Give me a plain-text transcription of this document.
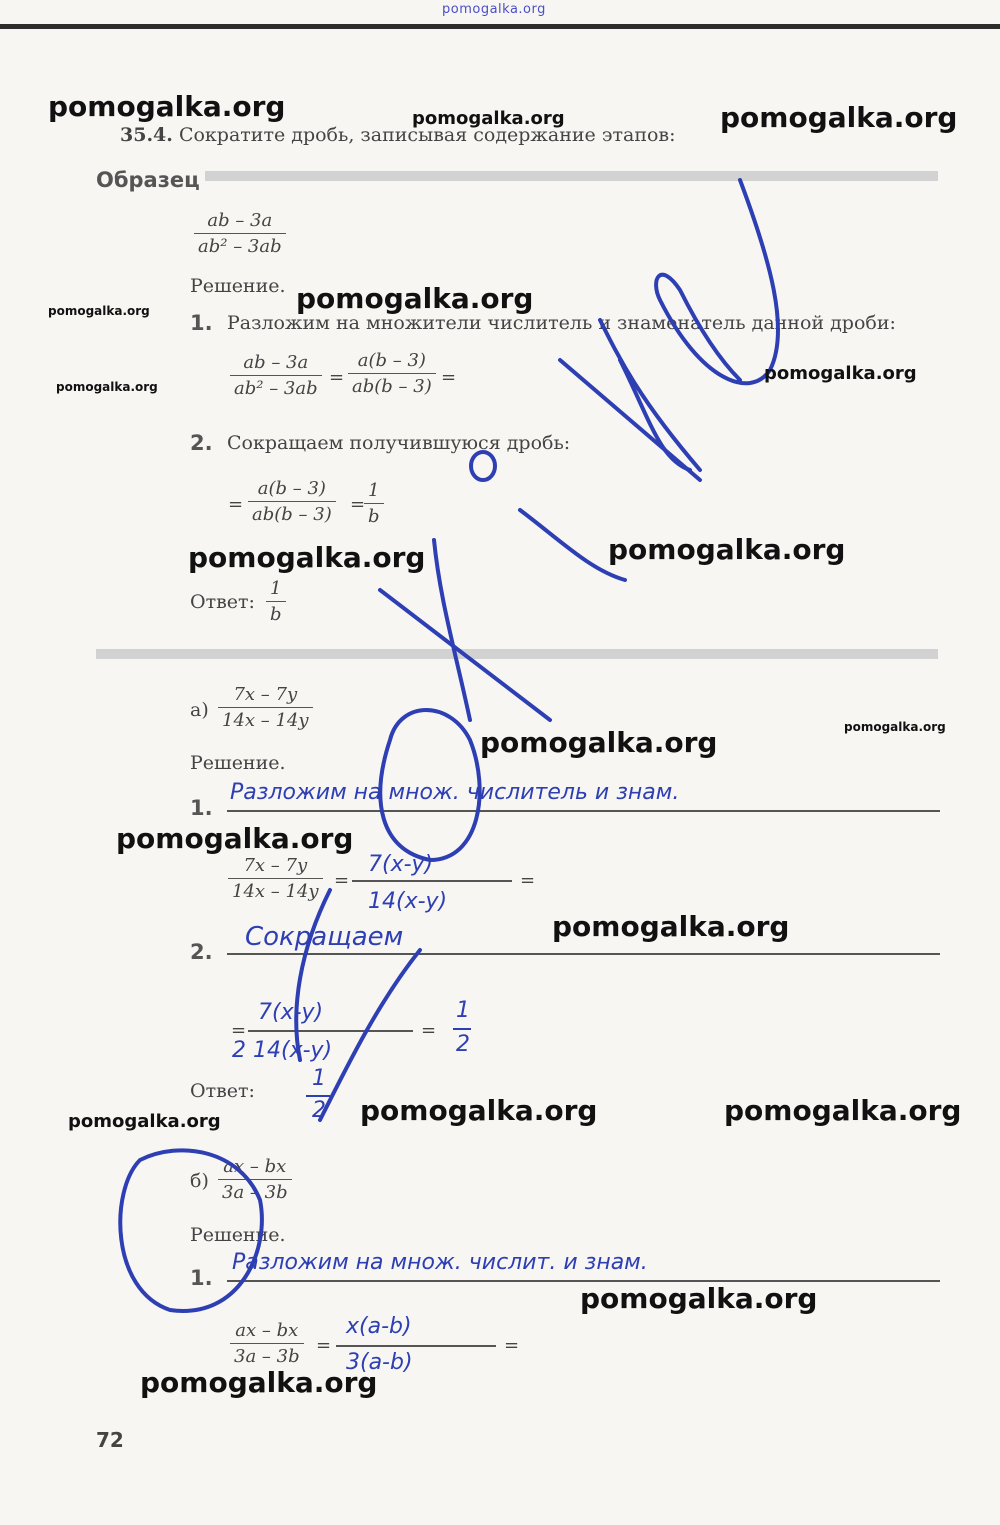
pomogalka.org
35.4. Сократите дробь, записывая содержание этапов:
Образец
$\frac{ab - 3a}{\text{ab² – 3ab}}$
Решение.
1. Разложим на множители числитель и знаменатель данной дроби:
$\frac{ab - 3a}{\text{ab² – 3ab}} = \frac{a(b - 3)}{ab(b - 3)}$ =
2. Сокращаем получившуюся дробь:
= $\frac{a(b - 3)}{ab(b - 3)}$ =
$\frac{1}{b}$
Ответ: $\frac{1}{b}$
$а) \frac{7x - 7y}{14x - 14y}$
Решение.
1.
Разложим на множ. числитель и знам.
$\frac{7x - 7y}{14x - 14y}$ =
7(x-y)
14(x-y)
=
2. Сокращаем
=
7(x-y)
2 14(x-y)
=
1
2
Ответ:	1
2
$б) \frac{ax - bx}{3a - 3b}$
Решение.
1.
Разложим на множ. числит. и знам.
$\frac{ax - bx}{3a - 3b}$ =
x(a-b)
3(a-b)
=
72
pomogalka.org	pomogalka.org	pomogalka.org
pomogalka.org
pomogalka.org
pomogalka.org
pomogalka.org
pomogalka.org	pomogalka.org
pomogalka.org
pomogalka.org
pomogalka.org
pomogalka.org
pomogalka.org	pomogalka.org	pomogalka.org
pomogalka.org
pomogalka.org
